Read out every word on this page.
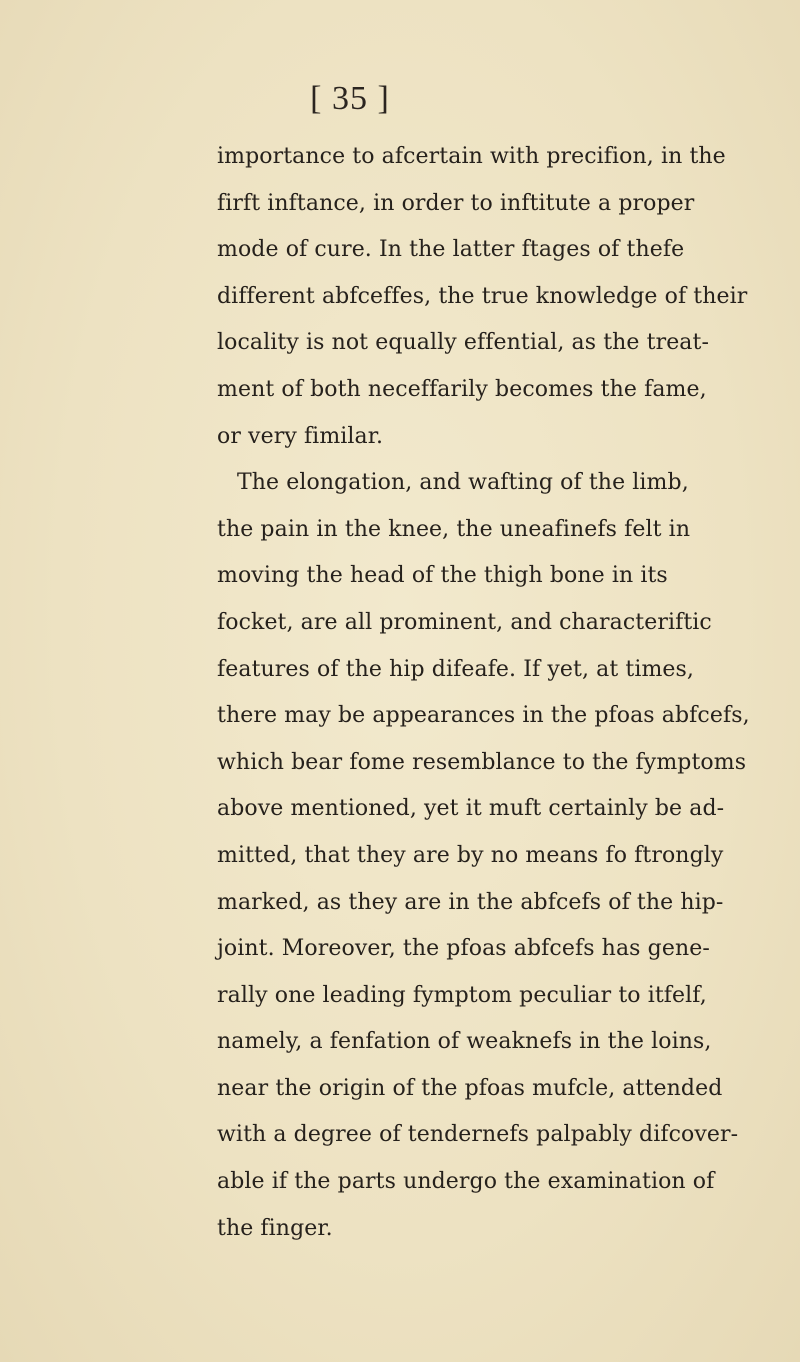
[ 35 ]
importance to afcertain with precifion, in the
firft inftance, in order to inftitute a proper
mode of cure. In the latter ftages of thefe
different abfceffes, the true knowledge of their
locality is not equally effential, as the treat-
ment of both neceffarily becomes the fame,
or very fimilar.
The elongation, and wafting of the limb,
the pain in the knee, the uneafinefs felt in
moving the head of the thigh bone in its
focket, are all prominent, and characteriftic
features of the hip difeafe. If yet, at times,
there may be appearances in the pfoas abfcefs,
which bear fome resemblance to the fymptoms
above mentioned, yet it muft certainly be ad-
mitted, that they are by no means fo ftrongly
marked, as they are in the abfcefs of the hip-
joint. Moreover, the pfoas abfcefs has gene-
rally one leading fymptom peculiar to itfelf,
namely, a fenfation of weaknefs in the loins,
near the origin of the pfoas mufcle, attended
with a degree of tendernefs palpably difcover-
able if the parts undergo the examination of
the finger.
